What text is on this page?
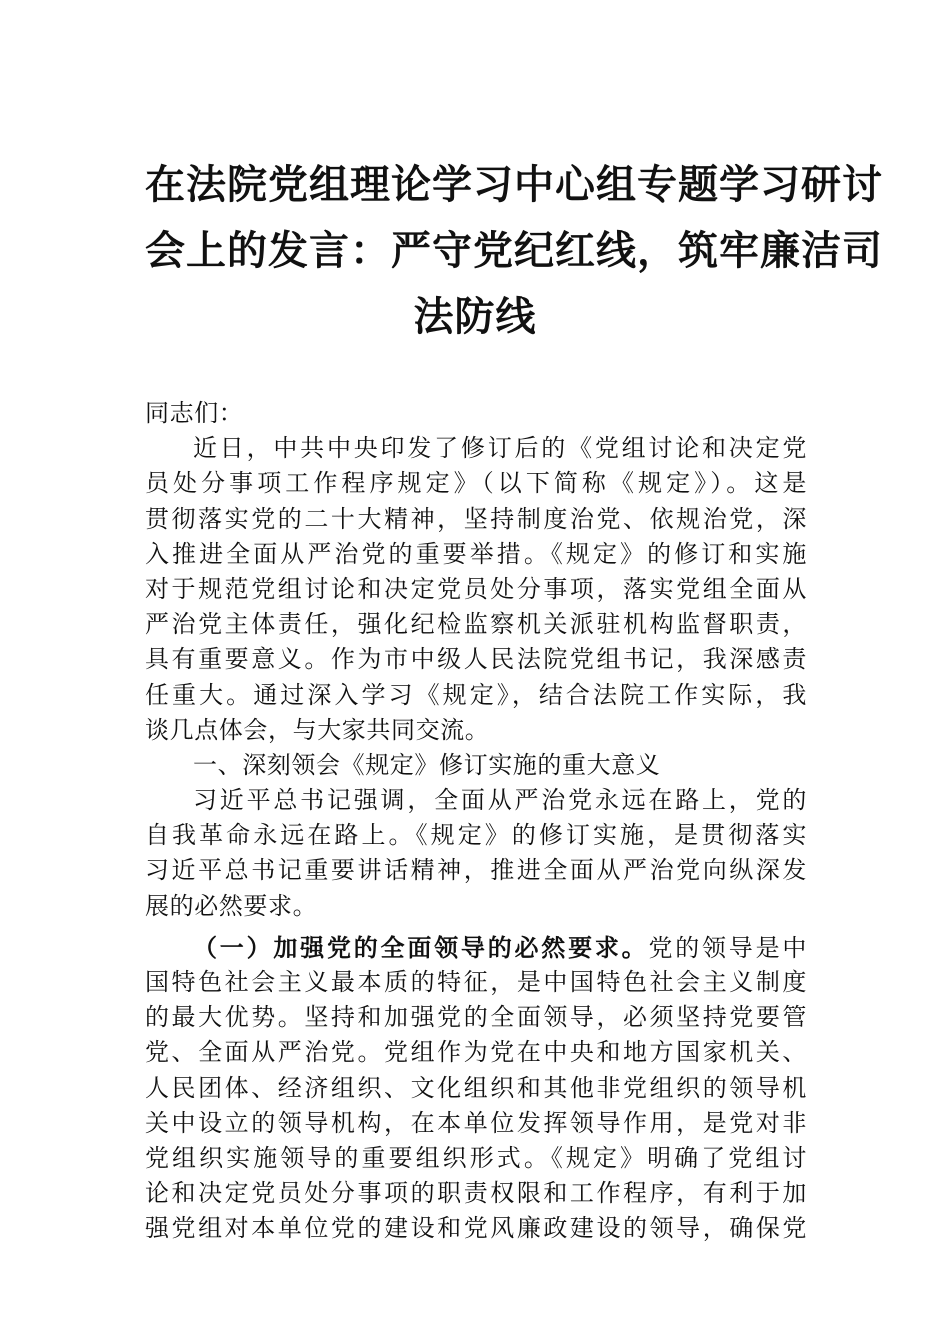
在法院党组理论学习中心组专题学习研讨
会上的发言：严守党纪红线，筑牢廉洁司
法防线
同志们：
近日，中共中央印发了修订后的《党组讨论和决定党
员处分事项工作程序规定》（以下简称《规定》）。这是
贯彻落实党的二十大精神，坚持制度治党、依规治党，深
入推进全面从严治党的重要举措。《规定》的修订和实施
对于规范党组讨论和决定党员处分事项，落实党组全面从
严治党主体责任，强化纪检监察机关派驻机构监督职责，
具有重要意义。作为市中级人民法院党组书记，我深感责
任重大。通过深入学习《规定》，结合法院工作实际，我
谈几点体会，与大家共同交流。
一、深刻领会《规定》修订实施的重大意义
习近平总书记强调，全面从严治党永远在路上，党的
自我革命永远在路上。《规定》的修订实施，是贯彻落实
习近平总书记重要讲话精神，推进全面从严治党向纵深发
展的必然要求。
（一）加强党的全面领导的必然要求。党的领导是中
国特色社会主义最本质的特征，是中国特色社会主义制度
的最大优势。坚持和加强党的全面领导，必须坚持党要管
党、全面从严治党。党组作为党在中央和地方国家机关、
人民团体、经济组织、文化组织和其他非党组织的领导机
关中设立的领导机构，在本单位发挥领导作用，是党对非
党组织实施领导的重要组织形式。《规定》明确了党组讨
论和决定党员处分事项的职责权限和工作程序，有利于加
强党组对本单位党的建设和党风廉政建设的领导，确保党
